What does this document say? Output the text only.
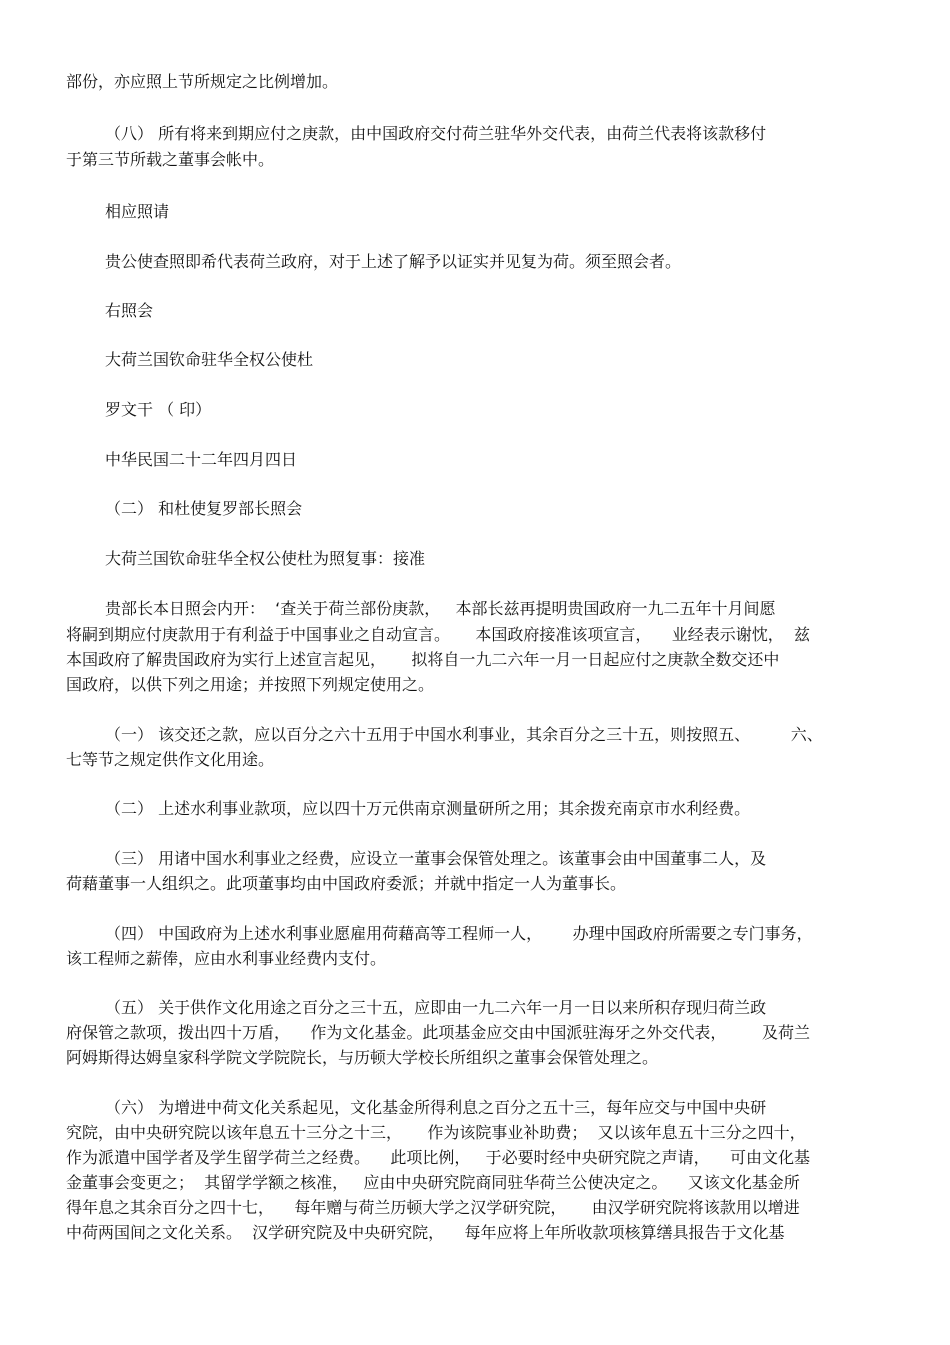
部份，亦应照上节所规定之比例增加。
（八） 所有将来到期应付之庚款，由中国政府交付荷兰驻华外交代表，由荷兰代表将该款移付
于第三节所载之董事会帐中。
相应照请
贵公使查照即希代表荷兰政府，对于上述了解予以证实并见复为荷。须至照会者。
右照会
大荷兰国钦命驻华全权公使杜
罗文干 （ 印）
中华民国二十二年四月四日
（二） 和杜使复罗部长照会
大荷兰国钦命驻华全权公使杜为照复事：接准
贵部长本日照会内开：  ‘查关于荷兰部份庚款，   本部长兹再提明贵国政府一九二五年十月间愿
将嗣到期应付庚款用于有利益于中国事业之自动宣言。     本国政府接准该项宣言，    业经表示谢忱，  兹
本国政府了解贵国政府为实行上述宣言起见，     拟将自一九二六年一月一日起应付之庚款全数交还中
国政府，以供下列之用途；并按照下列规定使用之。
（一） 该交还之款，应以百分之六十五用于中国水利事业，其余百分之三十五，则按照五、        六、
七等节之规定供作文化用途。
（二） 上述水利事业款项，应以四十万元供南京测量研所之用；其余拨充南京市水利经费。
（三） 用诸中国水利事业之经费，应设立一董事会保管处理之。该董事会由中国董事二人，及
荷藉董事一人组织之。此项董事均由中国政府委派；并就中指定一人为董事长。
（四） 中国政府为上述水利事业愿雇用荷藉高等工程师一人，      办理中国政府所需要之专门事务，
该工程师之薪俸，应由水利事业经费内支付。
（五） 关于供作文化用途之百分之三十五，应即由一九二六年一月一日以来所积存现归荷兰政
府保管之款项，拨出四十万盾，    作为文化基金。此项基金应交由中国派驻海牙之外交代表，       及荷兰
阿姆斯得达姆皇家科学院文学院院长，与历顿大学校长所组织之董事会保管处理之。
（六） 为增进中荷文化关系起见，文化基金所得利息之百分之五十三，每年应交与中国中央研
究院，由中央研究院以该年息五十三分之十三，     作为该院事业补助费；  又以该年息五十三分之四十，
作为派遣中国学者及学生留学荷兰之经费。    此项比例，   于必要时经中央研究院之声请，    可由文化基
金董事会变更之；  其留学学额之核准，   应由中央研究院商同驻华荷兰公使决定之。    又该文化基金所
得年息之其余百分之四十七，    每年赠与荷兰历顿大学之汉学研究院，     由汉学研究院将该款用以增进
中荷两国间之文化关系。  汉学研究院及中央研究院，    每年应将上年所收款项核算缮具报告于文化基
